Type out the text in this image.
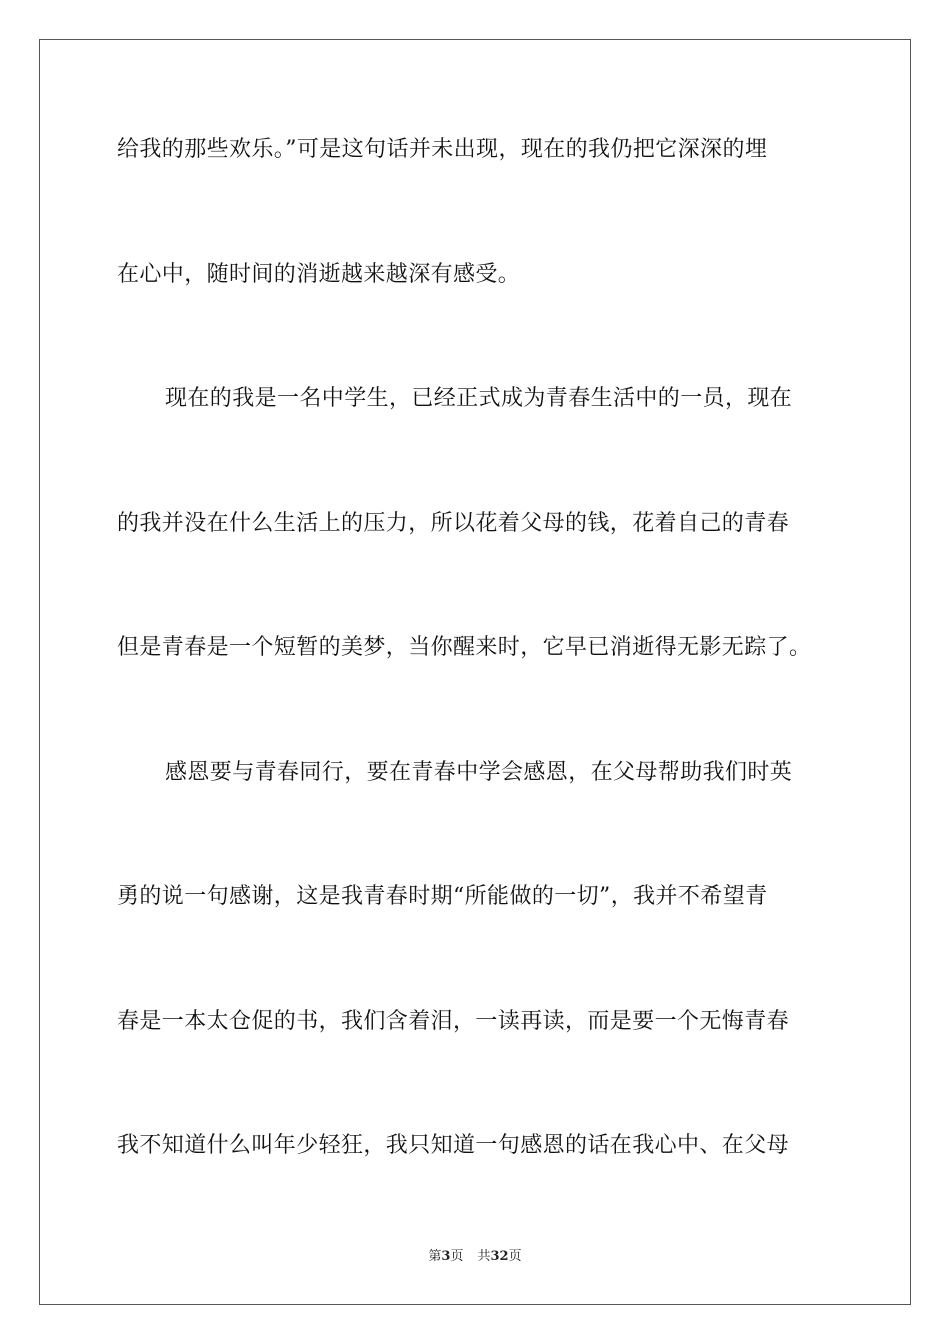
给我的那些欢乐。”可是这句话并未出现，现在的我仍把它深深的埋
在心中，随时间的消逝越来越深有感受。
现在的我是一名中学生，已经正式成为青春生活中的一员，现在
的我并没在什么生活上的压力，所以花着父母的钱，花着自己的青春
但是青春是一个短暂的美梦，当你醒来时，它早已消逝得无影无踪了。
感恩要与青春同行，要在青春中学会感恩，在父母帮助我们时英
勇的说一句感谢，这是我青春时期“所能做的一切”，我并不希望青
春是一本太仓促的书，我们含着泪，一读再读，而是要一个无悔青春
我不知道什么叫年少轻狂，我只知道一句感恩的话在我心中、在父母
第3页 共32页
